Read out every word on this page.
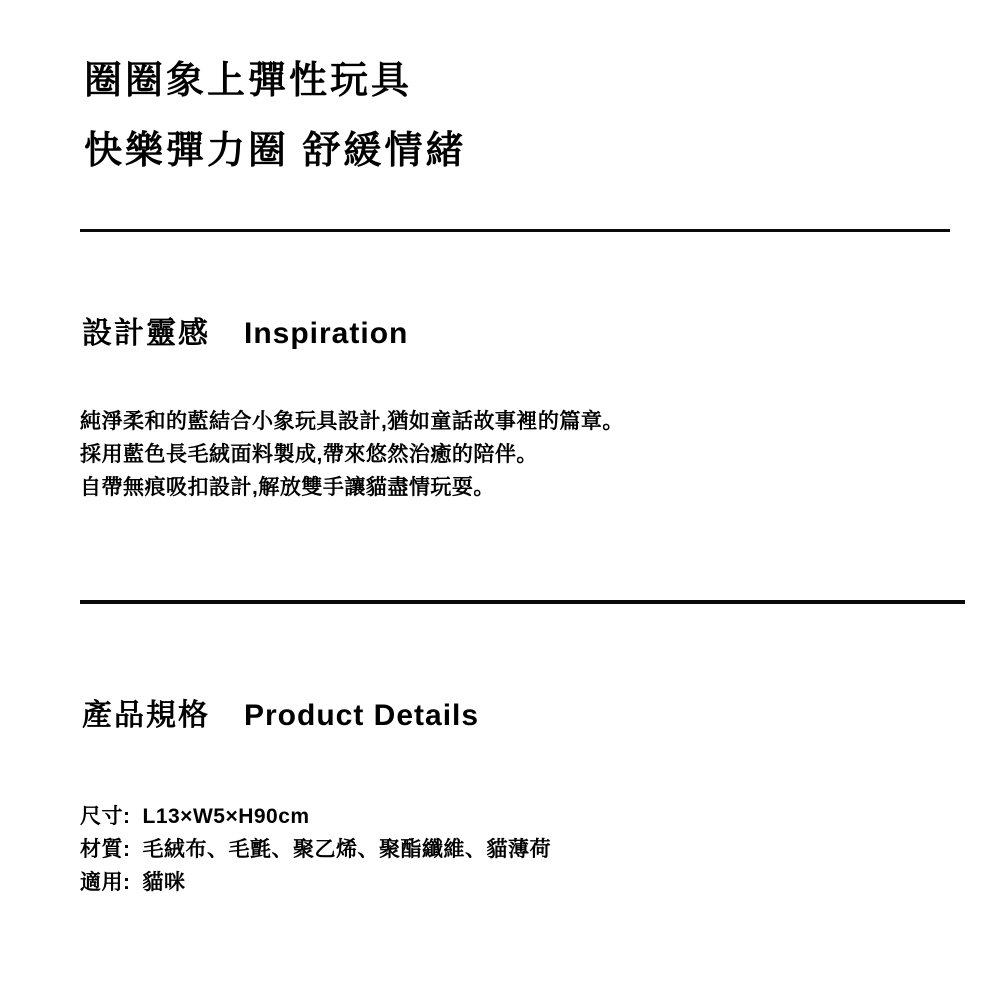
圈圈象上彈性玩具
快樂彈力圈 舒緩情緒
設計靈感 Inspiration
純淨柔和的藍結合小象玩具設計,猶如童話故事裡的篇章。
採用藍色長毛絨面料製成,帶來悠然治癒的陪伴。
自帶無痕吸扣設計,解放雙手讓貓盡情玩耍。
產品規格 Product Details
尺寸: L13×W5×H90cm
材質: 毛絨布、毛氈、聚乙烯、聚酯纖維、貓薄荷
適用: 貓咪
